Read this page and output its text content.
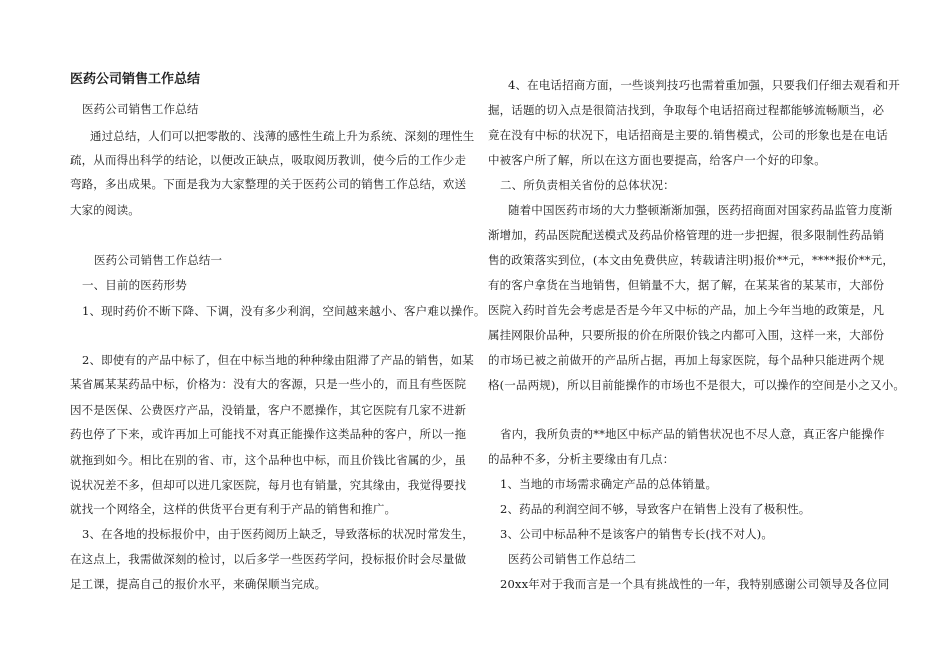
医药公司销售工作总结
医药公司销售工作总结
通过总结，人们可以把零散的、浅薄的感性生疏上升为系统、深刻的理性生
疏，从而得出科学的结论，以便改正缺点，吸取阅历教训，使今后的工作少走
弯路，多出成果。下面是我为大家整理的关于医药公司的销售工作总结，欢送
大家的阅读。
医药公司销售工作总结一
一、目前的医药形势
1、现时药价不断下降、下调，没有多少利润，空间越来越小、客户难以操作。
2、即使有的产品中标了，但在中标当地的种种缘由阻滞了产品的销售，如某
某省属某某药品中标，价格为：没有大的客源，只是一些小的，而且有些医院
因不是医保、公费医疗产品，没销量，客户不愿操作，其它医院有几家不进新
药也停了下来，或许再加上可能找不对真正能操作这类品种的客户，所以一拖
就拖到如今。相比在别的省、市，这个品种也中标，而且价钱比省属的少，虽
说状况差不多，但却可以进几家医院，每月也有销量，究其缘由，我觉得要找
就找一个网络全，这样的供货平台更有利于产品的销售和推广。
3、在各地的投标报价中，由于医药阅历上缺乏，导致落标的状况时常发生，
在这点上，我需做深刻的检讨，以后多学一些医药学问，投标报价时会尽量做
足工课，提高自己的报价水平，来确保顺当完成。
4、在电话招商方面，一些谈判技巧也需着重加强，只要我们仔细去观看和开
掘，话题的切入点是很简洁找到，争取每个电话招商过程都能够流畅顺当，必
竟在没有中标的状况下，电话招商是主要的.销售模式，公司的形象也是在电话
中被客户所了解，所以在这方面也要提高，给客户一个好的印象。
二、所负责相关省份的总体状况：
随着中国医药市场的大力整顿渐渐加强，医药招商面对国家药品监管力度渐
渐增加，药品医院配送模式及药品价格管理的进一步把握，很多限制性药品销
售的政策落实到位，(本文由免费供应，转载请注明)报价**元，****报价**元，
有的客户拿货在当地销售，但销量不大，据了解，在某某省的某某市，大部份
医院入药时首先会考虑是否是今年又中标的产品，加上今年当地的政策是，凡
属挂网限价品种，只要所报的价在所限价钱之内都可入围，这样一来，大部份
的市场已被之前做开的产品所占据，再加上每家医院，每个品种只能进两个规
格(一品两规)，所以目前能操作的市场也不是很大，可以操作的空间是小之又小。
省内，我所负责的**地区中标产品的销售状况也不尽人意，真正客户能操作
的品种不多，分析主要缘由有几点：
1、当地的市场需求确定产品的总体销量。
2、药品的利润空间不够，导致客户在销售上没有了极积性。
3、公司中标品种不是该客户的销售专长(找不对人)。
医药公司销售工作总结二
20xx年对于我而言是一个具有挑战性的一年，我特别感谢公司领导及各位同
